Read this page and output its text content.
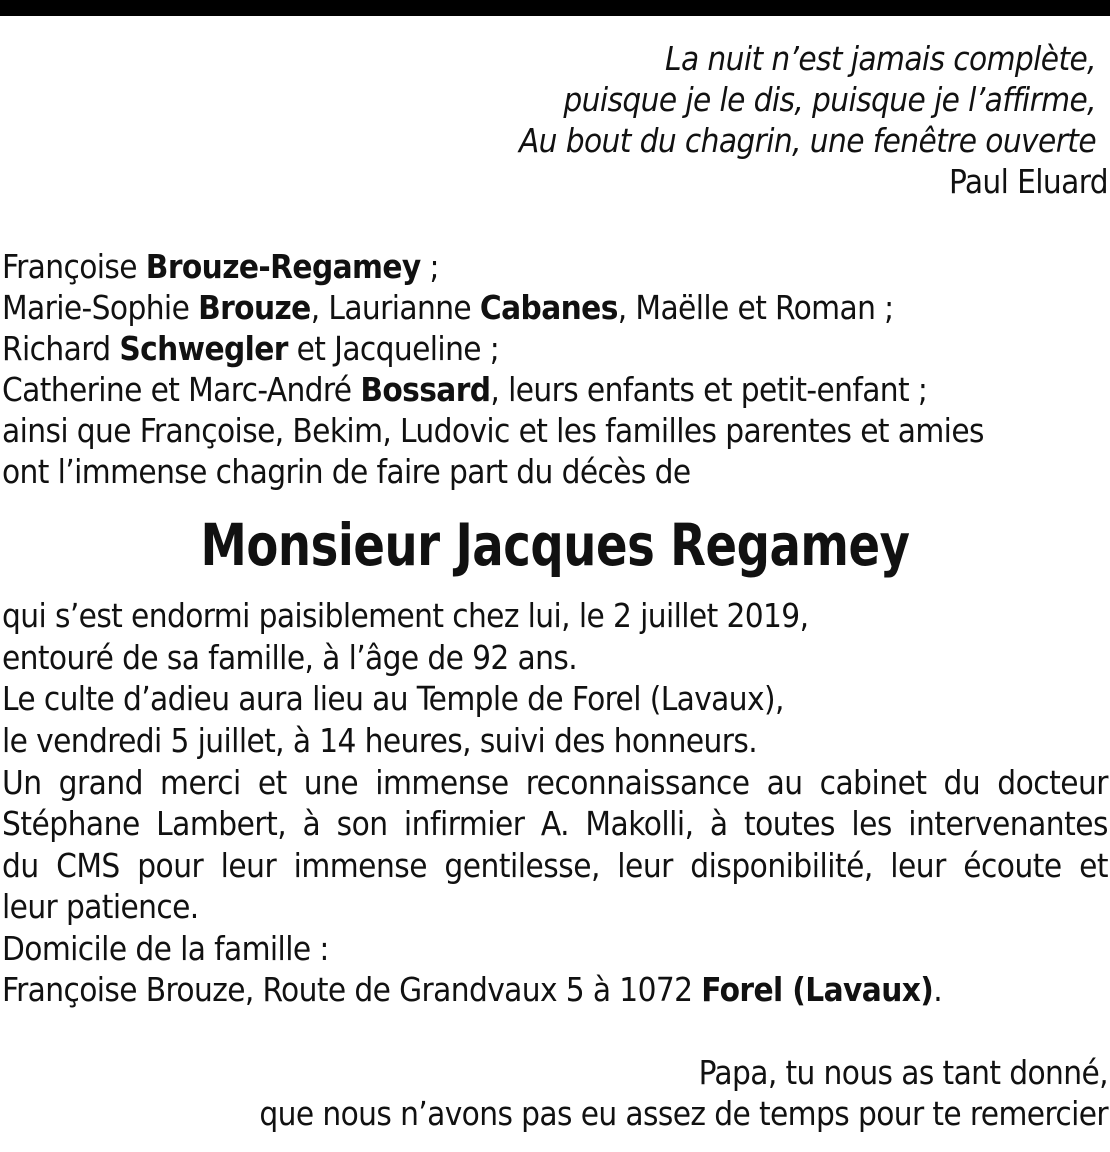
La nuit n’est jamais complète,
puisque je le dis, puisque je l’affirme,
Au bout du chagrin, une fenêtre ouverte
Paul Eluard
Françoise Brouze-Regamey ;
Marie-Sophie Brouze, Laurianne Cabanes, Maëlle et Roman ;
Richard Schwegler et Jacqueline ;
Catherine et Marc-André Bossard, leurs enfants et petit-enfant ;
ainsi que Françoise, Bekim, Ludovic et les familles parentes et amies
ont l’immense chagrin de faire part du décès de
Monsieur Jacques Regamey
qui s’est endormi paisiblement chez lui, le 2 juillet 2019,
entouré de sa famille, à l’âge de 92 ans.
Le culte d’adieu aura lieu au Temple de Forel (Lavaux),
le vendredi 5 juillet, à 14 heures, suivi des honneurs.
Un grand merci et une immense reconnaissance au cabinet du docteur
Stéphane Lambert, à son infirmier A. Makolli, à toutes les intervenantes
du CMS pour leur immense gentilesse, leur disponibilité, leur écoute et
leur patience.
Domicile de la famille :
Françoise Brouze, Route de Grandvaux 5 à 1072 Forel (Lavaux).
Papa, tu nous as tant donné,
que nous n’avons pas eu assez de temps pour te remercier
